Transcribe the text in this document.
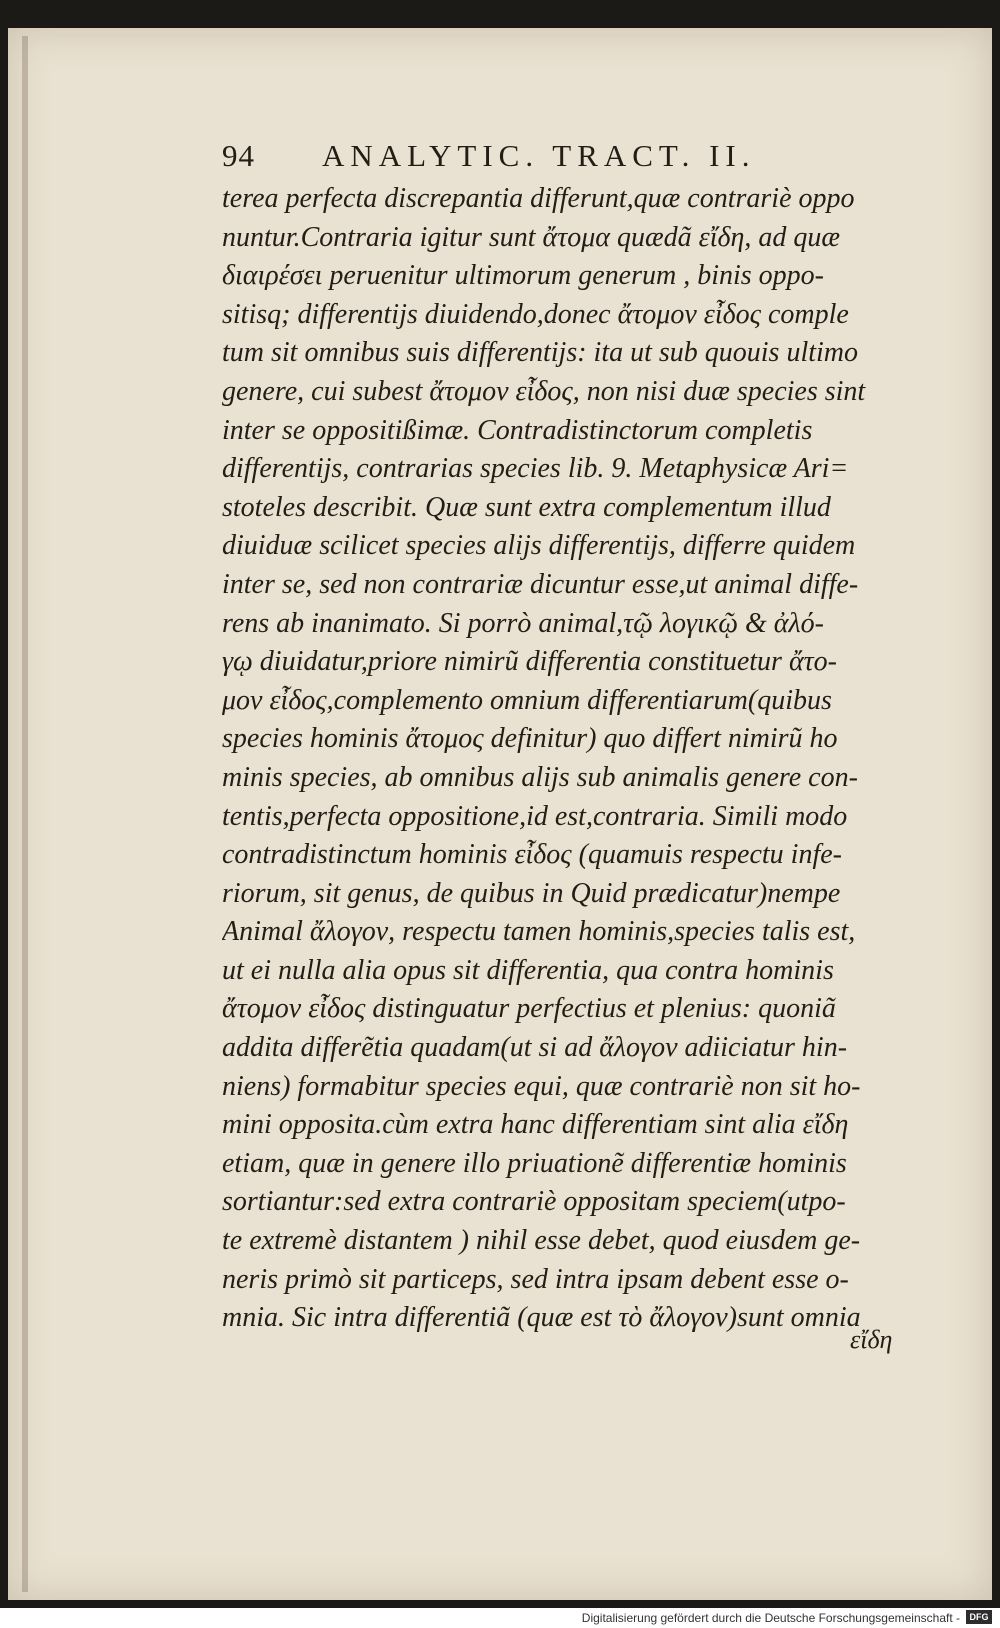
94	ANALYTIC. TRACT. II.
terea perfecta discrepantia differunt,quæ contrariè oppo
nuntur.Contraria igitur sunt ἄτομα quædã εἴδη, ad quæ
διαιρέσει peruenitur ultimorum generum , binis oppo-
sitisq; differentijs diuidendo,donec ἄτομον εἶδος comple
tum sit omnibus suis differentijs: ita ut sub quouis ultimo
genere, cui subest ἄτομον εἶδος, non nisi duæ species sint
inter se oppositißimæ. Contradistinctorum completis
differentijs, contrarias species lib. 9. Metaphysicæ Ari=
stoteles describit. Quæ sunt extra complementum illud
diuiduæ scilicet species alijs differentijs, differre quidem
inter se, sed non contrariæ dicuntur esse,ut animal diffe-
rens ab inanimato. Si porrò animal,τῷ λογικῷ & ἀλό-
γῳ diuidatur,priore nimirũ differentia constituetur ἄτο-
μον εἶδος,complemento omnium differentiarum(quibus
species hominis ἄτομος definitur) quo differt nimirũ ho
minis species, ab omnibus alijs sub animalis genere con-
tentis,perfecta oppositione,id est,contraria. Simili modo
contradistinctum hominis εἶδος (quamuis respectu infe-
riorum, sit genus, de quibus in Quid prædicatur)nempe
Animal ἄλογον, respectu tamen hominis,species talis est,
ut ei nulla alia opus sit differentia, qua contra hominis
ἄτομον εἶδος distinguatur perfectius et plenius: quoniã
addita differẽtia quadam(ut si ad ἄλογον adiiciatur hin-
niens) formabitur species equi, quæ contrariè non sit ho-
mini opposita.cùm extra hanc differentiam sint alia εἴδη
etiam, quæ in genere illo priuationẽ differentiæ hominis
sortiantur:sed extra contrariè oppositam speciem(utpo-
te extremè distantem ) nihil esse debet, quod eiusdem ge-
neris primò sit particeps, sed intra ipsam debent esse o-
mnia. Sic intra differentiã (quæ est τὸ ἄλογον)sunt omnia
εἴδη
Digitalisierung gefördert durch die Deutsche Forschungsgemeinschaft -	DFG
